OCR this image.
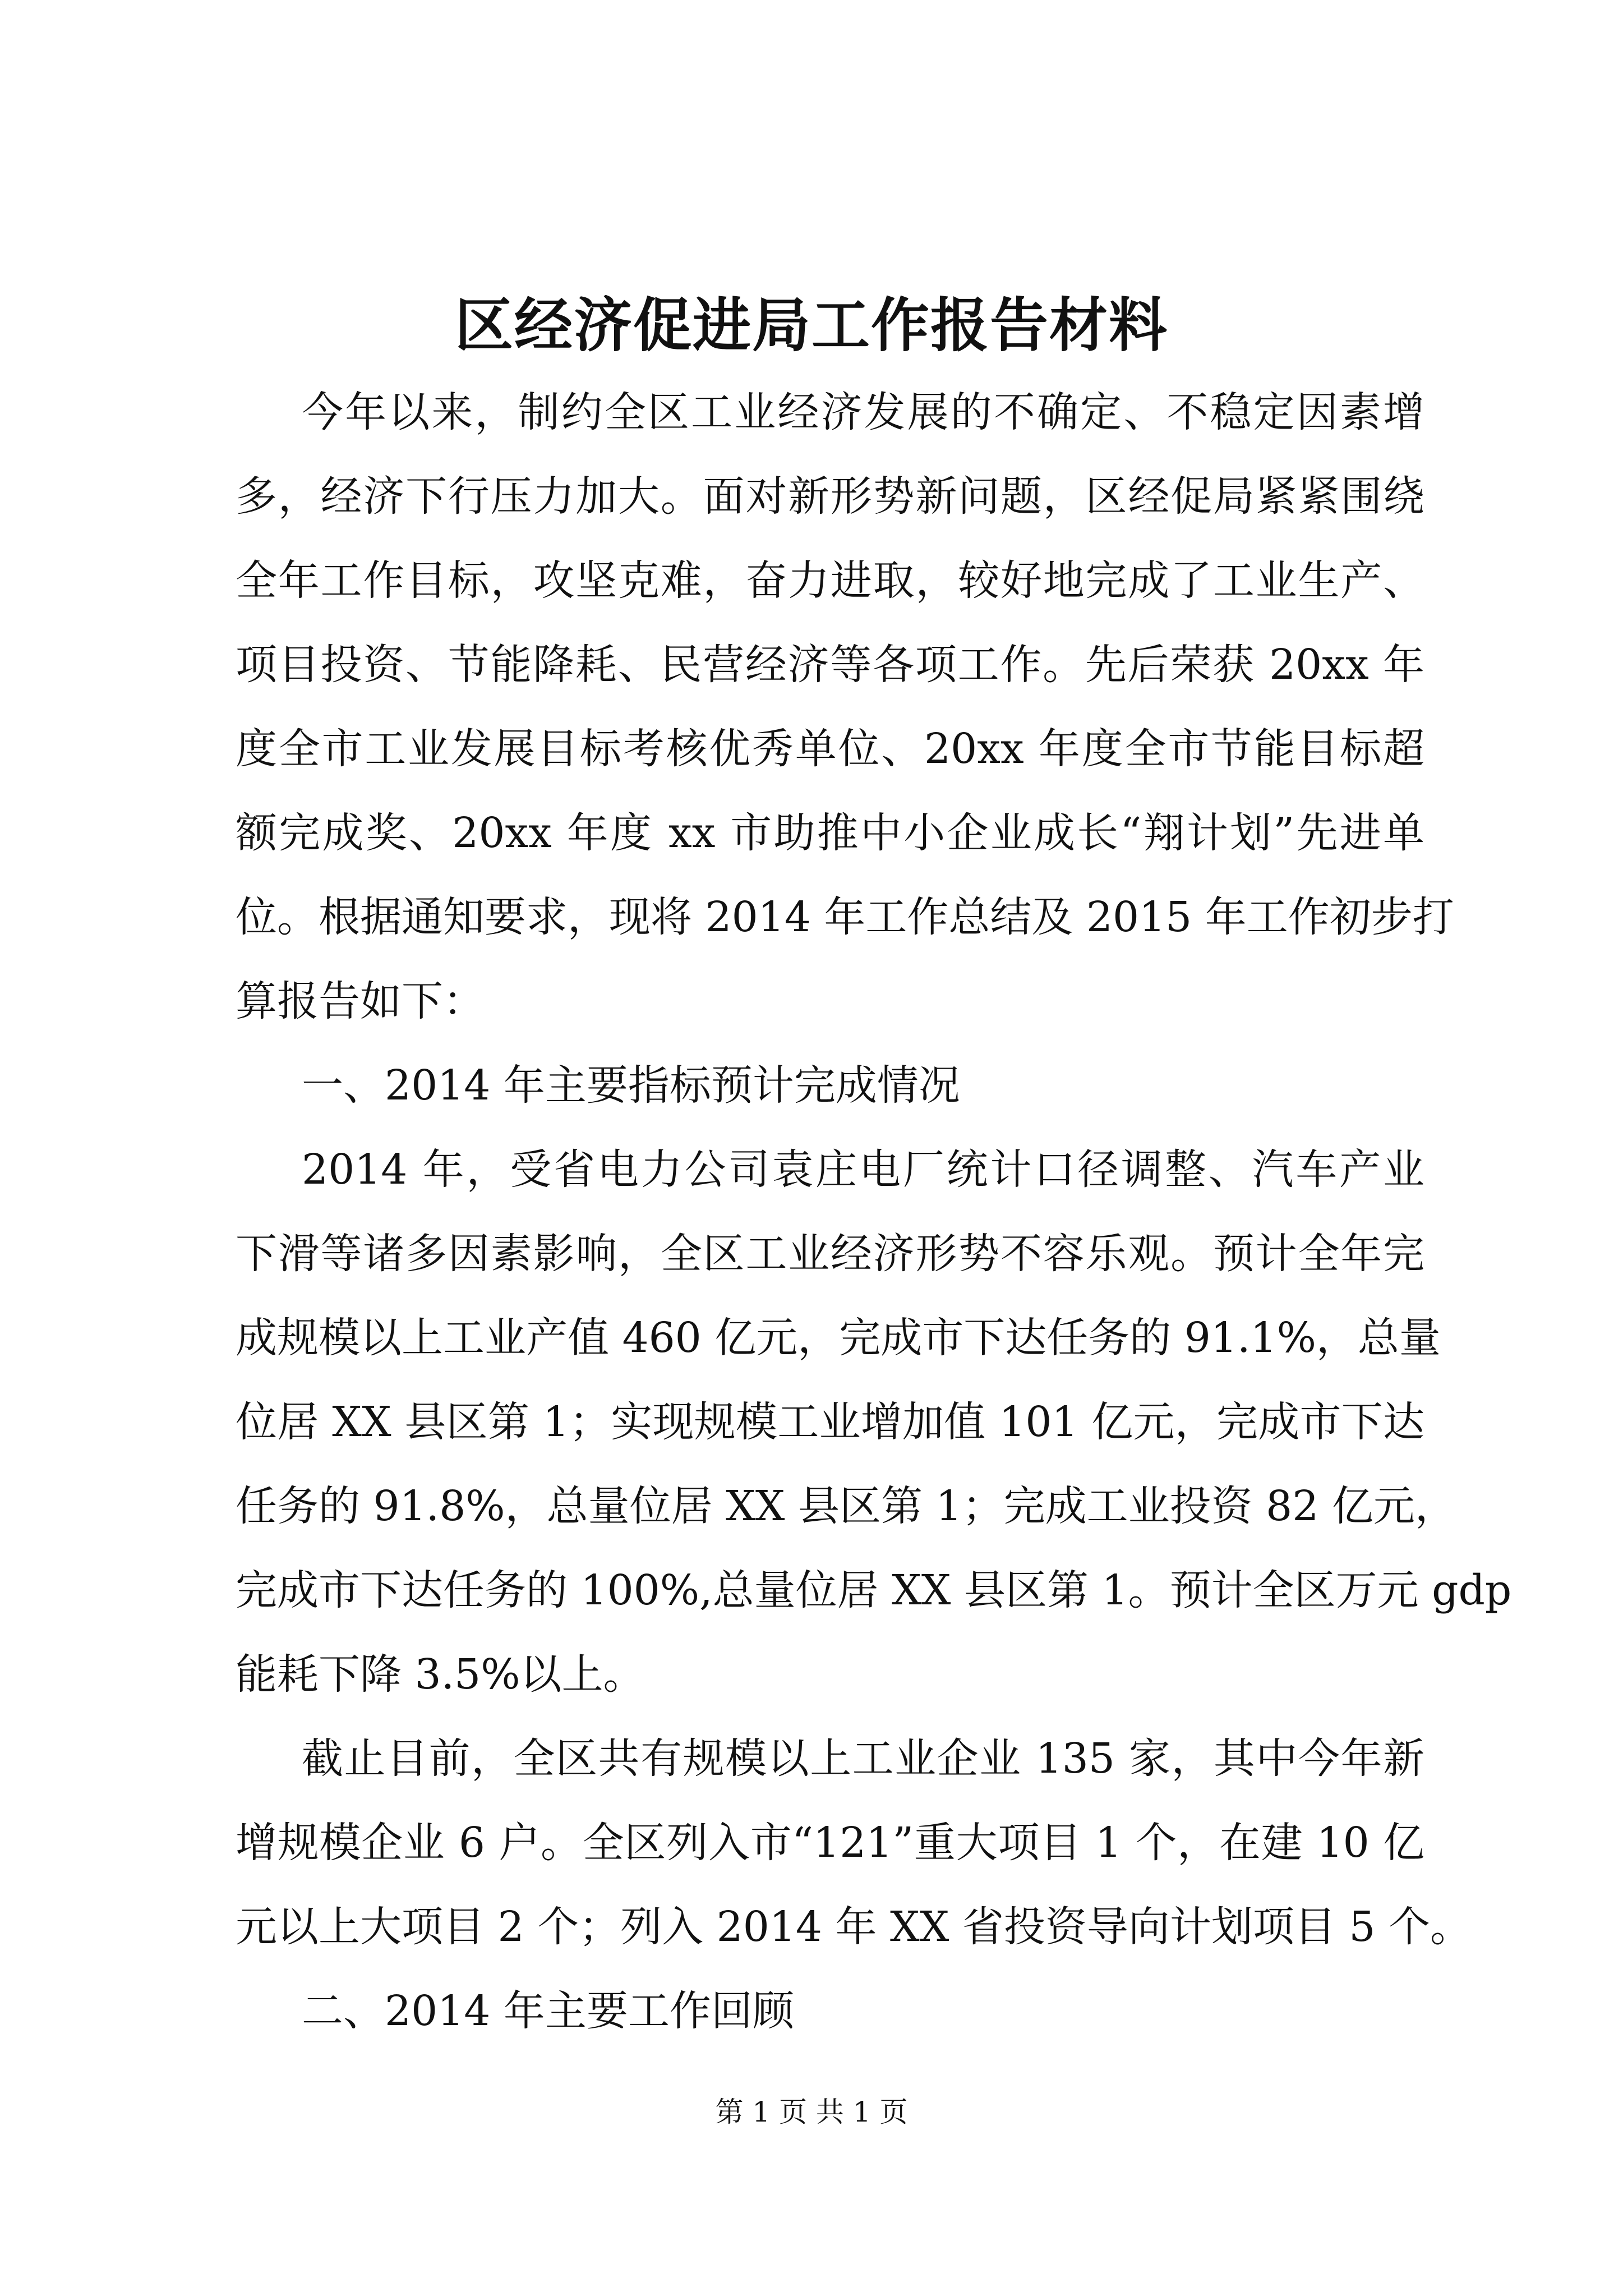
区经济促进局工作报告材料
今年以来，制约全区工业经济发展的不确定、不稳定因素增
多，经济下行压力加大。面对新形势新问题，区经促局紧紧围绕
全年工作目标，攻坚克难，奋力进取，较好地完成了工业生产、
项目投资、节能降耗、民营经济等各项工作。先后荣获 20xx 年
度全市工业发展目标考核优秀单位、20xx 年度全市节能目标超
额完成奖、20xx 年度 xx 市助推中小企业成长“翔计划”先进单
位。根据通知要求，现将 2014 年工作总结及 2015 年工作初步打
算报告如下：
一、2014 年主要指标预计完成情况
2014 年，受省电力公司袁庄电厂统计口径调整、汽车产业
下滑等诸多因素影响，全区工业经济形势不容乐观。预计全年完
成规模以上工业产值 460 亿元，完成市下达任务的 91.1%，总量
位居 XX 县区第 1；实现规模工业增加值 101 亿元，完成市下达
任务的 91.8%，总量位居 XX 县区第 1；完成工业投资 82 亿元，
完成市下达任务的 100%,总量位居 XX 县区第 1。预计全区万元 gdp
能耗下降 3.5%以上。
截止目前，全区共有规模以上工业企业 135 家，其中今年新
增规模企业 6 户。全区列入市“121”重大项目 1 个，在建 10 亿
元以上大项目 2 个；列入 2014 年 XX 省投资导向计划项目 5 个。
二、2014 年主要工作回顾
第 1 页 共 1 页
